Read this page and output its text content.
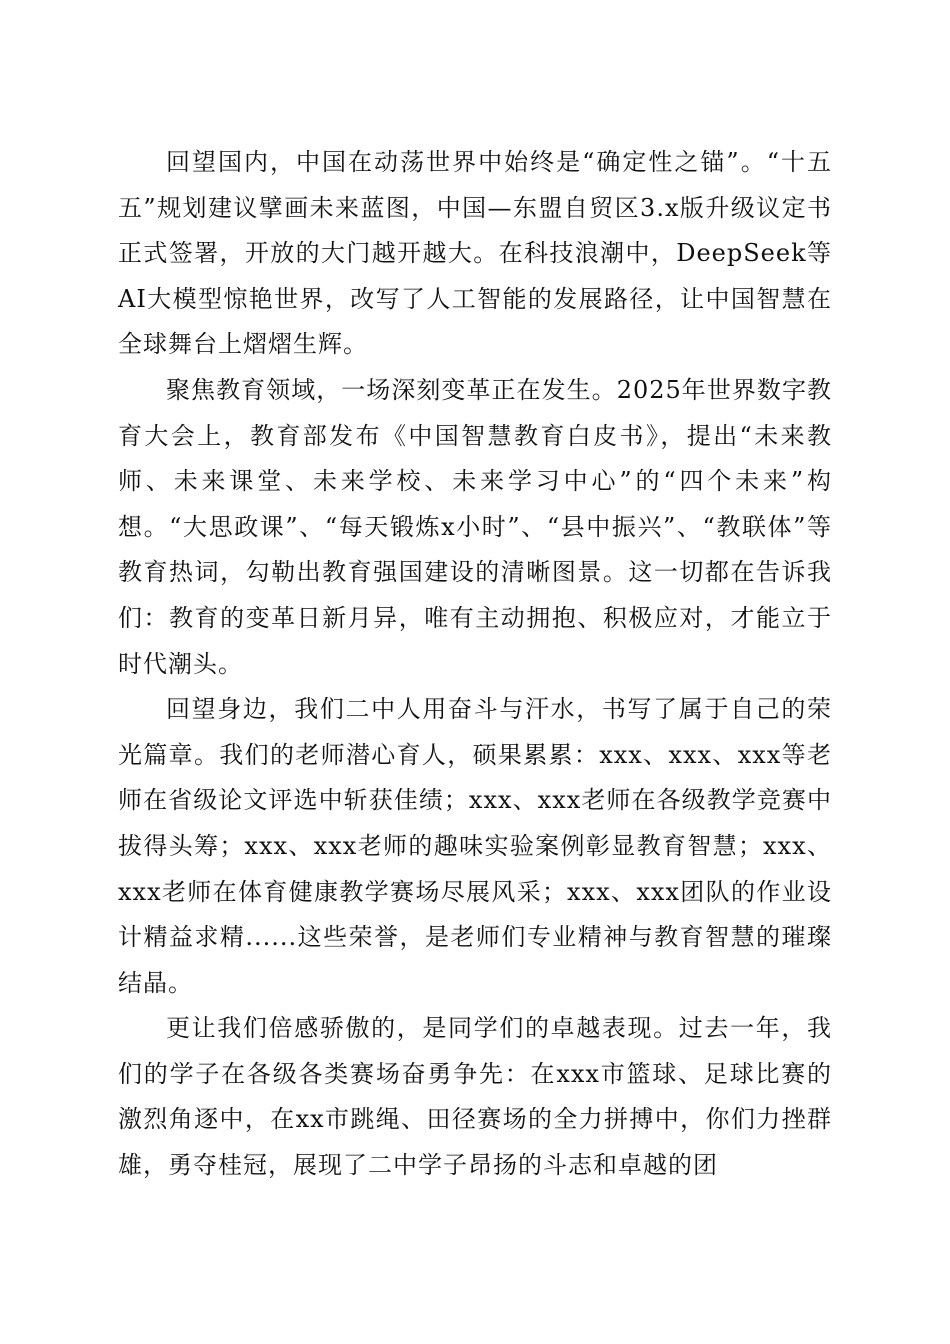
回望国内，中国在动荡世界中始终是“确定性之锚”。“十五五”规划建议擘画未来蓝图，中国—东盟自贸区3.x版升级议定书正式签署，开放的大门越开越大。在科技浪潮中，DeepSeek等AI大模型惊艳世界，改写了人工智能的发展路径，让中国智慧在全球舞台上熠熠生辉。

聚焦教育领域，一场深刻变革正在发生。2025年世界数字教育大会上，教育部发布《中国智慧教育白皮书》，提出“未来教师、未来课堂、未来学校、未来学习中心”的“四个未来”构想。“大思政课”、“每天锻炼x小时”、“县中振兴”、“教联体”等教育热词，勾勒出教育强国建设的清晰图景。这一切都在告诉我们：教育的变革日新月异，唯有主动拥抱、积极应对，才能立于时代潮头。

回望身边，我们二中人用奋斗与汗水，书写了属于自己的荣光篇章。我们的老师潜心育人，硕果累累：xxx、xxx、xxx等老师在省级论文评选中斩获佳绩；xxx、xxx老师在各级教学竞赛中拔得头筹；xxx、xxx老师的趣味实验案例彰显教育智慧；xxx、xxx老师在体育健康教学赛场尽展风采；xxx、xxx团队的作业设计精益求精......这些荣誉，是老师们专业精神与教育智慧的璀璨结晶。

更让我们倍感骄傲的，是同学们的卓越表现。过去一年，我们的学子在各级各类赛场奋勇争先：在xxx市篮球、足球比赛的激烈角逐中，在xx市跳绳、田径赛场的全力拼搏中，你们力挫群雄，勇夺桂冠，展现了二中学子昂扬的斗志和卓越的团
